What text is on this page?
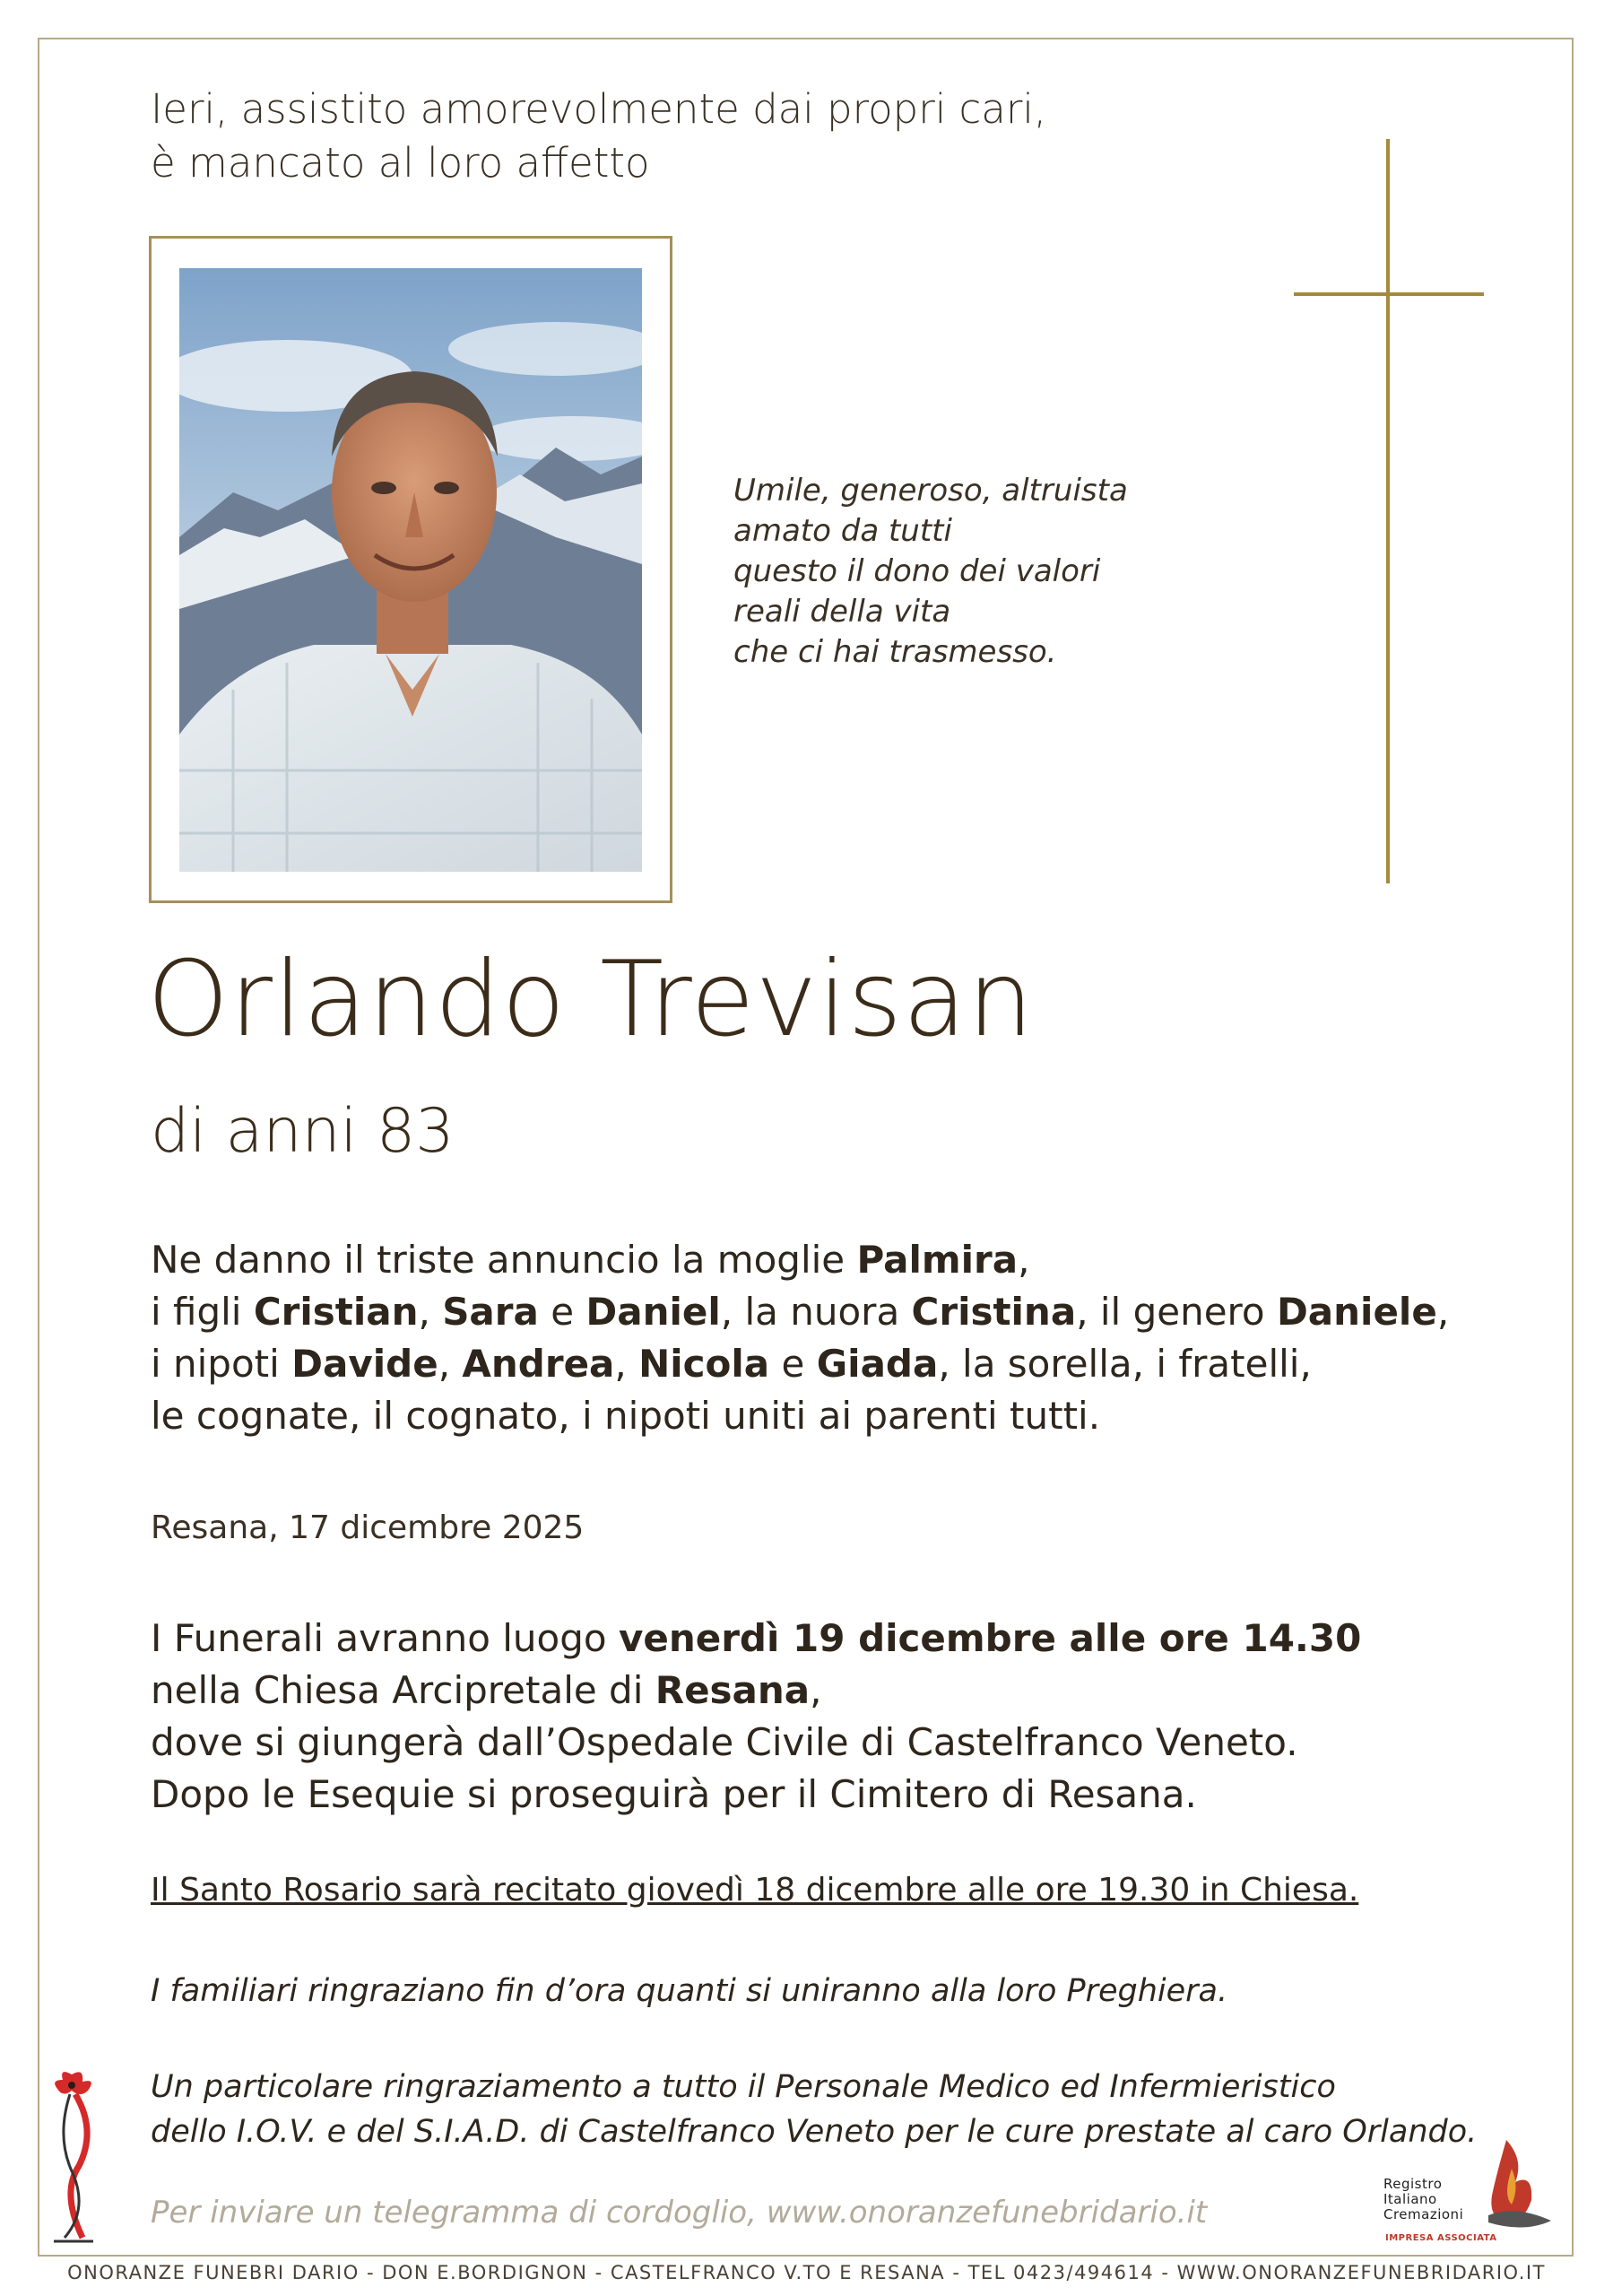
Ieri, assistito amorevolmente dai propri cari,
è mancato al loro affetto
Umile, generoso, altruista
amato da tutti
questo il dono dei valori
reali della vita
che ci hai trasmesso.
Orlando Trevisan
di anni 83
Ne danno il triste annuncio la moglie Palmira,
i figli Cristian, Sara e Daniel, la nuora Cristina, il genero Daniele,
i nipoti Davide, Andrea, Nicola e Giada, la sorella, i fratelli,
le cognate, il cognato, i nipoti uniti ai parenti tutti.
Resana, 17 dicembre 2025
I Funerali avranno luogo venerdì 19 dicembre alle ore 14.30
nella Chiesa Arcipretale di Resana,
dove si giungerà dall’Ospedale Civile di Castelfranco Veneto.
Dopo le Esequie si proseguirà per il Cimitero di Resana.
Il Santo Rosario sarà recitato giovedì 18 dicembre alle ore 19.30 in Chiesa.
I familiari ringraziano fin d’ora quanti si uniranno alla loro Preghiera.
Un particolare ringraziamento a tutto il Personale Medico ed Infermieristico
dello I.O.V. e del S.I.A.D. di Castelfranco Veneto per le cure prestate al caro Orlando.
Per inviare un telegramma di cordoglio, www.onoranzefunebridario.it
ONORANZE FUNEBRI DARIO - DON E.BORDIGNON - CASTELFRANCO V.TO E RESANA - TEL 0423/494614 - WWW.ONORANZEFUNEBRIDARIO.IT
Registro
Italiano
Cremazioni
IMPRESA ASSOCIATA
